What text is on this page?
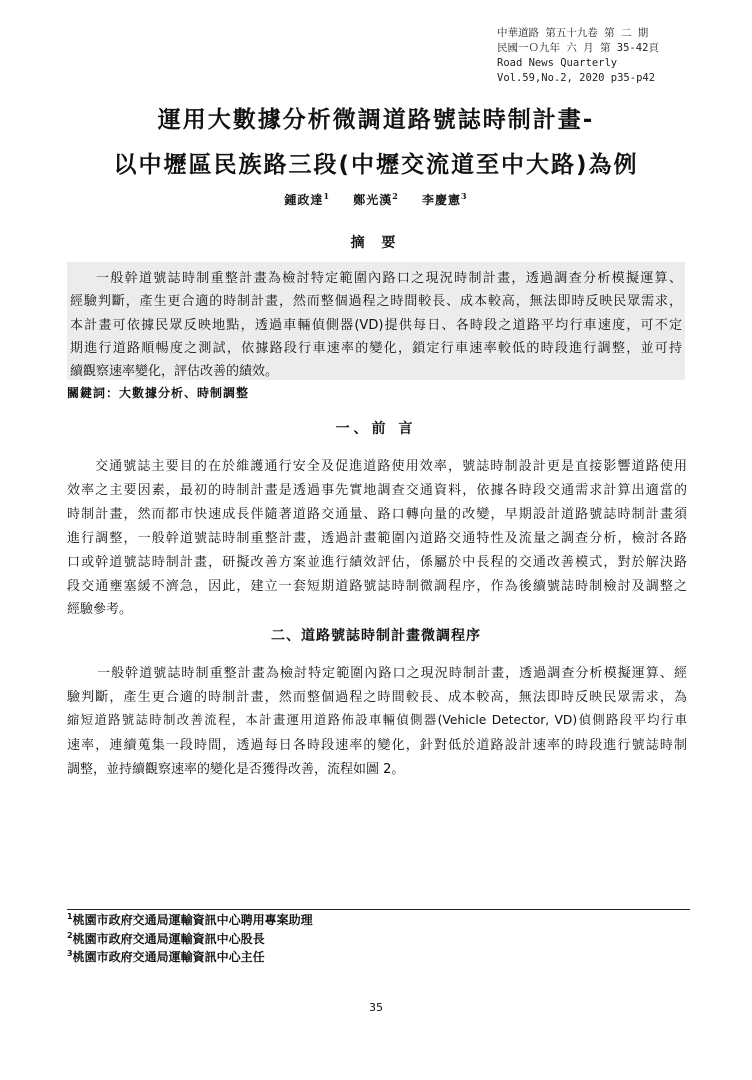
中華道路 第五十九卷 第 二 期
民國一Ｏ九年 六 月 第 35-42頁
Road News Quarterly
Vol.59,No.2, 2020 p35-p42
運用大數據分析微調道路號誌時制計畫-
以中壢區民族路三段(中壢交流道至中大路)為例
鍾政達$^1$ 鄭光漢$^2$ 李慶憲$^3$
摘 要
一般幹道號誌時制重整計畫為檢討特定範圍內路口之現況時制計畫，透過調查分析模擬運算、
經驗判斷，產生更合適的時制計畫，然而整個過程之時間較長、成本較高，無法即時反映民眾需求，
本計畫可依據民眾反映地點，透過車輛偵側器(VD)提供每日、各時段之道路平均行車速度，可不定
期進行道路順暢度之測試，依據路段行車速率的變化，鎖定行車速率較低的時段進行調整，並可持
續觀察速率變化，評估改善的績效。
關鍵詞：大數據分析、時制調整
一、前 言
交通號誌主要目的在於維護通行安全及促進道路使用效率，號誌時制設計更是直接影響道路使用
效率之主要因素，最初的時制計畫是透過事先實地調查交通資料，依據各時段交通需求計算出適當的
時制計畫，然而都市快速成長伴隨著道路交通量、路口轉向量的改變，早期設計道路號誌時制計畫須
進行調整，一般幹道號誌時制重整計畫，透過計畫範圍內道路交通特性及流量之調查分析，檢討各路
口或幹道號誌時制計畫，研擬改善方案並進行績效評估，係屬於中長程的交通改善模式，對於解決路
段交通壅塞緩不濟急，因此，建立一套短期道路號誌時制微調程序，作為後續號誌時制檢討及調整之
經驗參考。
二、道路號誌時制計畫微調程序
一般幹道號誌時制重整計畫為檢討特定範圍內路口之現況時制計畫，透過調查分析模擬運算、經
驗判斷，產生更合適的時制計畫，然而整個過程之時間較長、成本較高，無法即時反映民眾需求，為
縮短道路號誌時制改善流程，本計畫運用道路佈設車輛偵側器(Vehicle Detector, VD)偵側路段平均行車
速率，連續蒐集一段時間，透過每日各時段速率的變化，針對低於道路設計速率的時段進行號誌時制
調整，並持續觀察速率的變化是否獲得改善，流程如圖 2。
$^1$桃園市政府交通局運輸資訊中心聘用專案助理
$^2$桃園市政府交通局運輸資訊中心股長
$^3$桃園市政府交通局運輸資訊中心主任
35
